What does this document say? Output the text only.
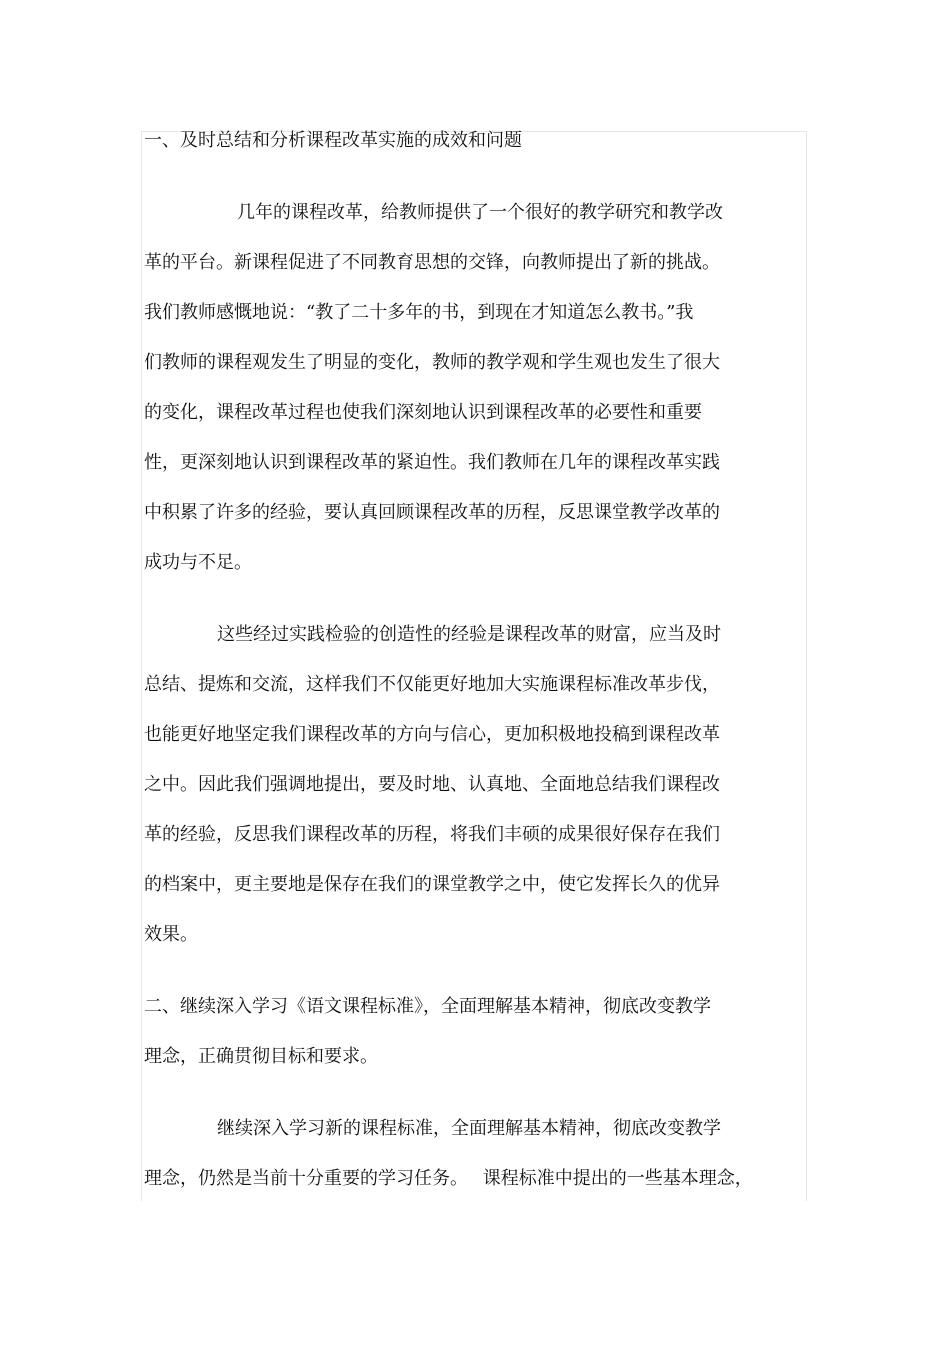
一、及时总结和分析课程改革实施的成效和问题
几年的课程改革，给教师提供了一个很好的教学研究和教学改
革的平台。新课程促进了不同教育思想的交锋，向教师提出了新的挑战。
我们教师感慨地说：“教了二十多年的书，到现在才知道怎么教书。”我
们教师的课程观发生了明显的变化，教师的教学观和学生观也发生了很大
的变化，课程改革过程也使我们深刻地认识到课程改革的必要性和重要
性，更深刻地认识到课程改革的紧迫性。我们教师在几年的课程改革实践
中积累了许多的经验，要认真回顾课程改革的历程，反思课堂教学改革的
成功与不足。
这些经过实践检验的创造性的经验是课程改革的财富，应当及时
总结、提炼和交流，这样我们不仅能更好地加大实施课程标准改革步伐，
也能更好地坚定我们课程改革的方向与信心，更加积极地投稿到课程改革
之中。因此我们强调地提出，要及时地、认真地、全面地总结我们课程改
革的经验，反思我们课程改革的历程，将我们丰硕的成果很好保存在我们
的档案中，更主要地是保存在我们的课堂教学之中，使它发挥长久的优异
效果。
二、继续深入学习《语文课程标准》，全面理解基本精神，彻底改变教学
理念，正确贯彻目标和要求。
继续深入学习新的课程标准，全面理解基本精神，彻底改变教学
理念，仍然是当前十分重要的学习任务。　 课程标准中提出的一些基本理念，
